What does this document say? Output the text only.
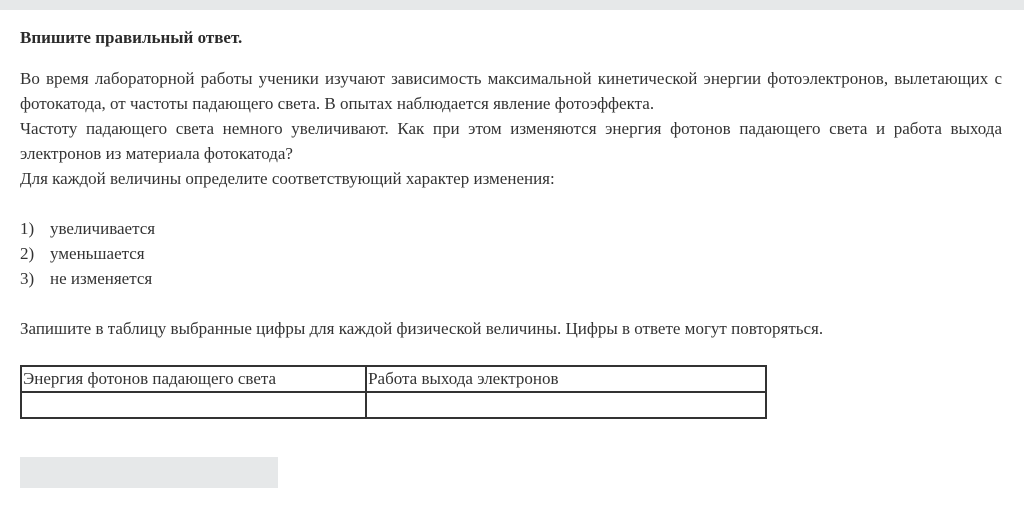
Впишите правильный ответ.

Во время лабораторной работы ученики изучают зависимость максимальной кинетической энергии фотоэлектронов, вылетающих с фотокатода, от частоты падающего света. В опытах наблюдается явление фотоэффекта.

Частоту падающего света немного увеличивают. Как при этом изменяются энергия фотонов падающего света и работа выхода электронов из материала фотокатода?

Для каждой величины определите соответствующий характер изменения:

1) увеличивается
2) уменьшается
3) не изменяется

Запишите в таблицу выбранные цифры для каждой физической величины. Цифры в ответе могут повторяться.

Энергия фотонов падающего света	Работа выхода электронов
